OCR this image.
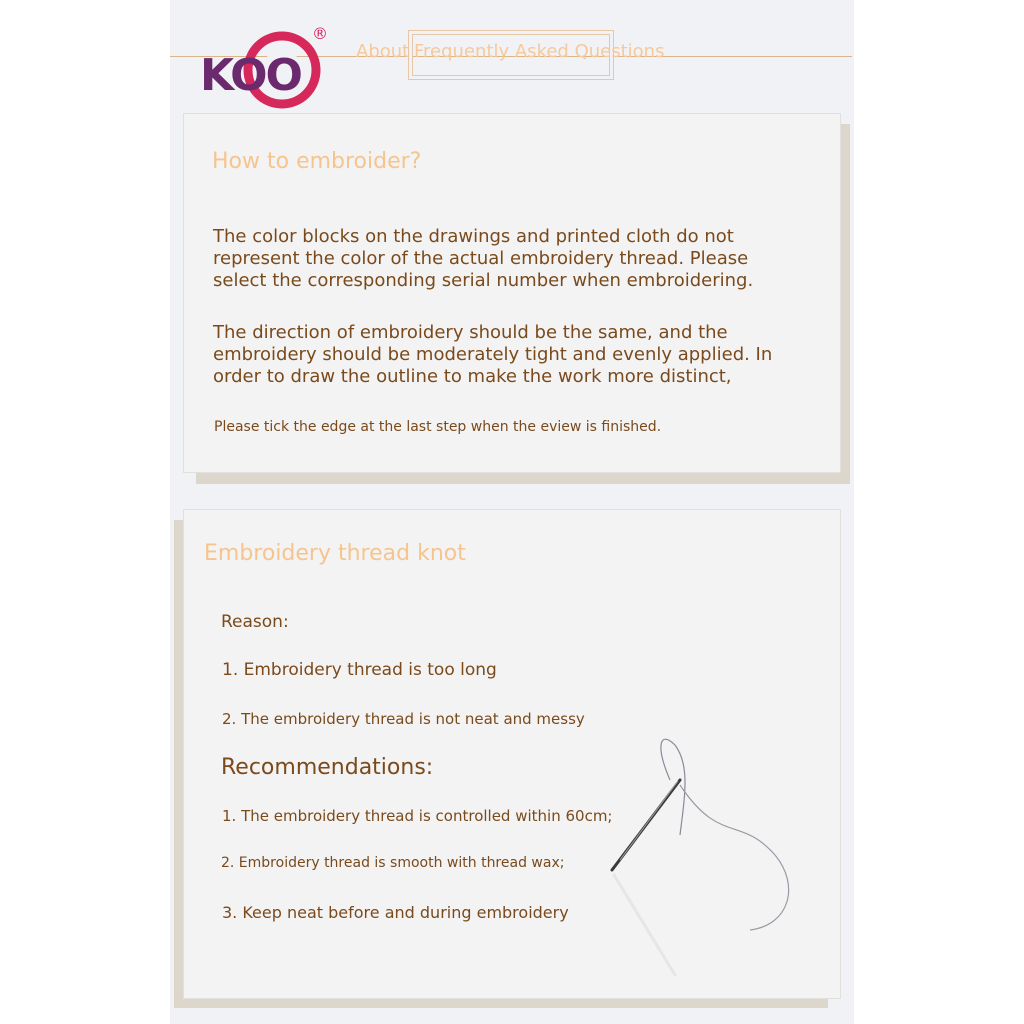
KOO
®
About Frequently Asked Questions
How to embroider?
The color blocks on the drawings and printed cloth do not represent the color of the actual embroidery thread. Please select the corresponding serial number when embroidering.
The direction of embroidery should be the same, and the embroidery should be moderately tight and evenly applied. In order to draw the outline to make the work more distinct,
Please tick the edge at the last step when the eview is finished.
Embroidery thread knot
Reason:
1. Embroidery thread is too long
2. The embroidery thread is not neat and messy
Recommendations:
1. The embroidery thread is controlled within 60cm;
2. Embroidery thread is smooth with thread wax;
3. Keep neat before and during embroidery
